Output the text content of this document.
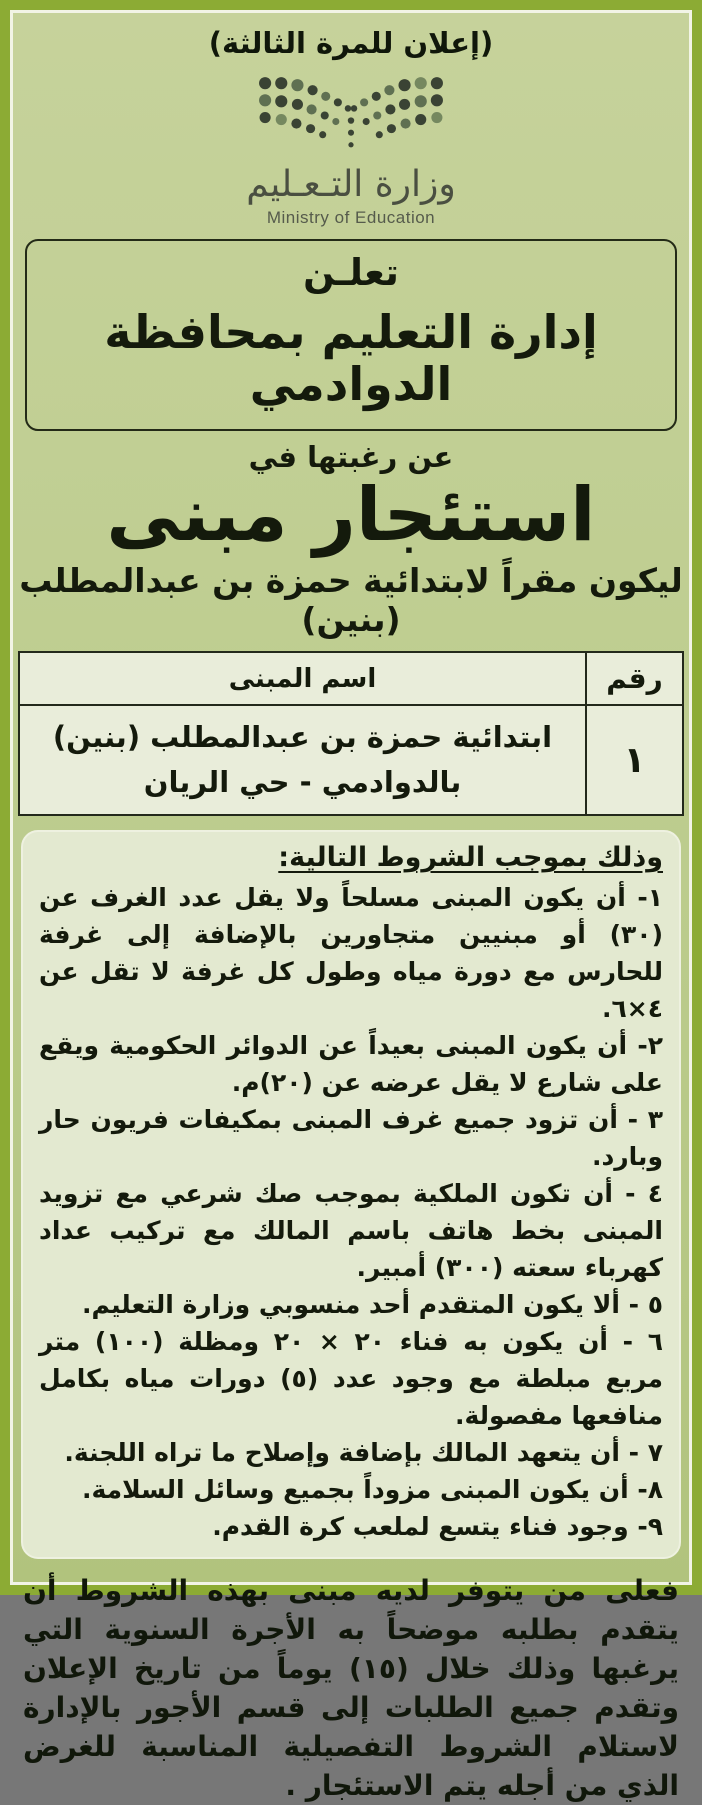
(إعلان للمرة الثالثة)
وزارة التـعـليم
Ministry of Education
تعلـن
إدارة التعليم بمحافظة الدوادمي
عن رغبتها في
استئجار مبنى
ليكون مقراً لابتدائية حمزة بن عبدالمطلب (بنين)
رقم	اسم المبنى
١	ابتدائية حمزة بن عبدالمطلب (بنين)
بالدوادمي - حي الريان
وذلك بموجب الشروط التالية:
١- أن يكون المبنى مسلحاً ولا يقل عدد الغرف عن (٣٠) أو مبنيين متجاورين بالإضافة إلى غرفة للحارس مع دورة مياه وطول كل غرفة لا تقل عن ٤×٦.
٢- أن يكون المبنى بعيداً عن الدوائر الحكومية ويقع على شارع لا يقل عرضه عن (٢٠)م.
٣ - أن تزود جميع غرف المبنى بمكيفات فريون حار وبارد.
٤ - أن تكون الملكية بموجب صك شرعي مع تزويد المبنى بخط هاتف باسم المالك مع تركيب عداد كهرباء سعته (٣٠٠) أمبير.
٥ - ألا يكون المتقدم أحد منسوبي وزارة التعليم.
٦ - أن يكون به فناء ٢٠ × ٢٠ ومظلة (١٠٠) متر مربع مبلطة مع وجود عدد (٥) دورات مياه بكامل منافعها مفصولة.
٧ - أن يتعهد المالك بإضافة وإصلاح ما تراه اللجنة.
٨- أن يكون المبنى مزوداً بجميع وسائل السلامة.
٩- وجود فناء يتسع لملعب كرة القدم.
فعلى من يتوفر لديه مبنى بهذه الشروط أن يتقدم بطلبه موضحاً به الأجرة السنوية التي يرغبها وذلك خلال (١٥) يوماً من تاريخ الإعلان وتقدم جميع الطلبات إلى قسم الأجور بالإدارة لاستلام الشروط التفصيلية المناسبة للغرض الذي من أجله يتم الاستئجار .
